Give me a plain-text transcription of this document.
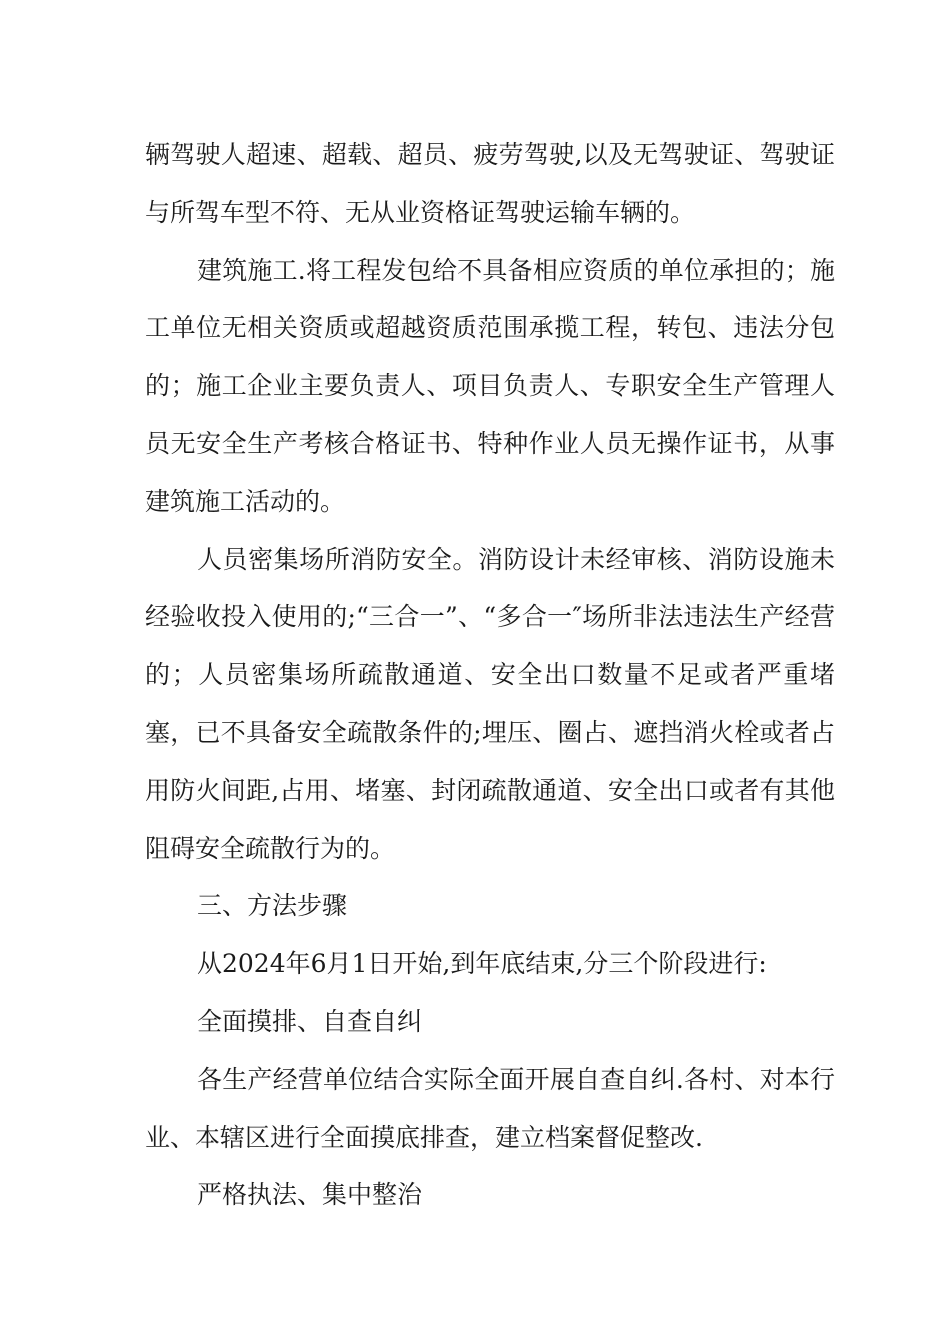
辆驾驶人超速、超载、超员、疲劳驾驶,以及无驾驶证、驾驶证与所驾车型不符、无从业资格证驾驶运输车辆的。

建筑施工.将工程发包给不具备相应资质的单位承担的；施工单位无相关资质或超越资质范围承揽工程，转包、违法分包的；施工企业主要负责人、项目负责人、专职安全生产管理人员无安全生产考核合格证书、特种作业人员无操作证书，从事建筑施工活动的。

人员密集场所消防安全。消防设计未经审核、消防设施未经验收投入使用的;“三合一”、“多合一″场所非法违法生产经营的；人员密集场所疏散通道、安全出口数量不足或者严重堵塞，已不具备安全疏散条件的;埋压、圈占、遮挡消火栓或者占用防火间距,占用、堵塞、封闭疏散通道、安全出口或者有其他阻碍安全疏散行为的。

三、方法步骤

从2024年6月1日开始,到年底结束,分三个阶段进行:

全面摸排、自查自纠

各生产经营单位结合实际全面开展自查自纠.各村、对本行业、本辖区进行全面摸底排查，建立档案督促整改.

严格执法、集中整治
